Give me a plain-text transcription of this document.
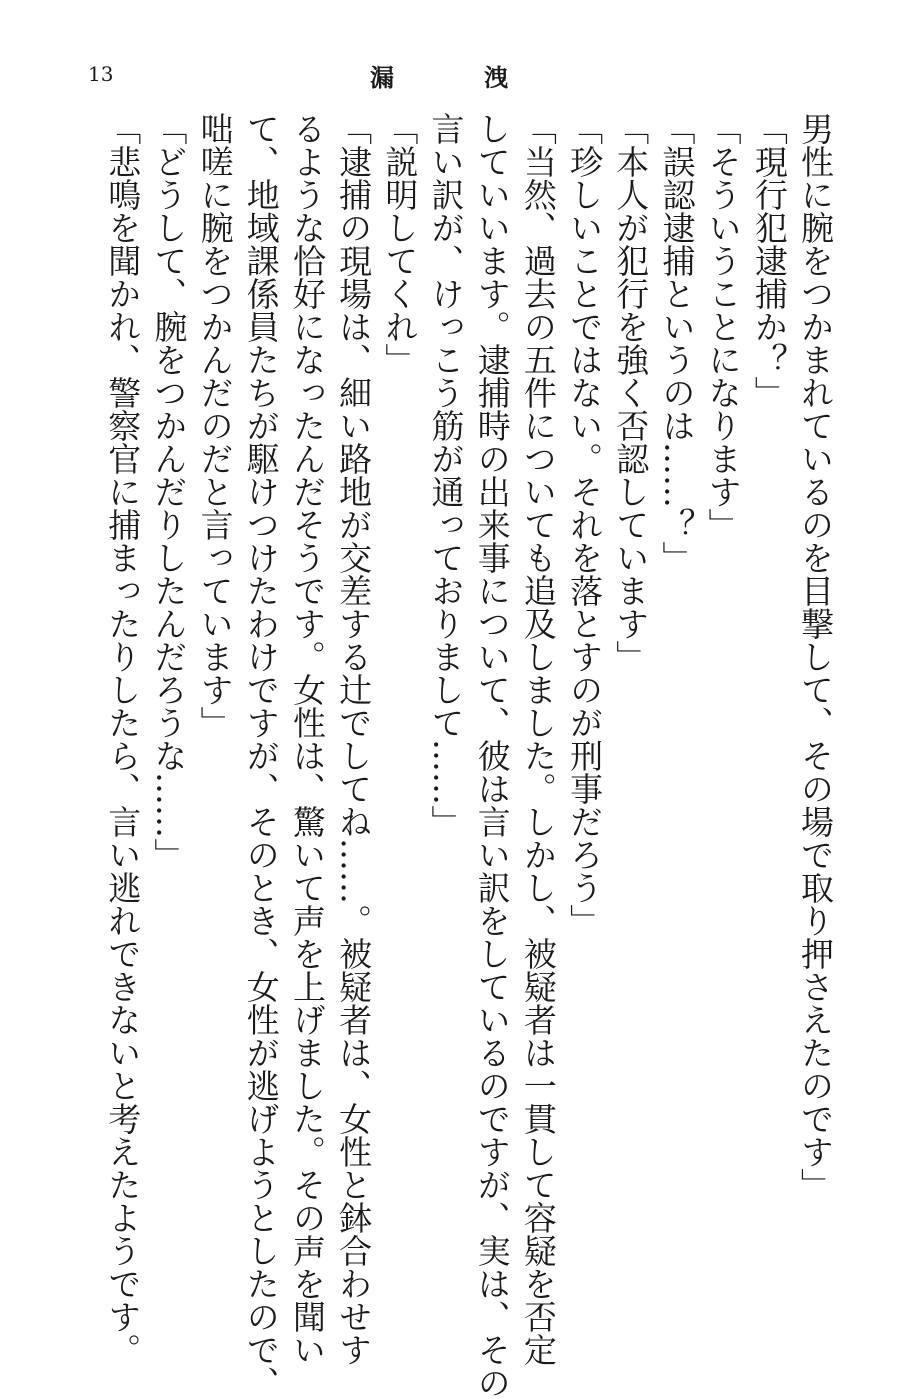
13	漏洩
男性に腕をつかまれているのを目撃して、その場で取り押さえたのです」
「現行犯逮捕か？」
「そういうことになります」
「誤認逮捕というのは……？」
「本人が犯行を強く否認しています」
「珍しいことではない。それを落とすのが刑事だろう」
「当然、過去の五件についても追及しました。しかし、被疑者は一貫して容疑を否定
していいます。逮捕時の出来事について、彼は言い訳をしているのですが、実は、その
言い訳が、けっこう筋が通っておりまして……」
「説明してくれ」
「逮捕の現場は、細い路地が交差する辻でしてね……。被疑者は、女性と鉢合わせす
るような恰好になったんだそうです。女性は、驚いて声を上げました。その声を聞い
て、地域課係員たちが駆けつけたわけですが、そのとき、女性が逃げようとしたので、
咄嗟に腕をつかんだのだと言っています」
「どうして、腕をつかんだりしたんだろうな……」
「悲鳴を聞かれ、警察官に捕まったりしたら、言い逃れできないと考えたようです。
